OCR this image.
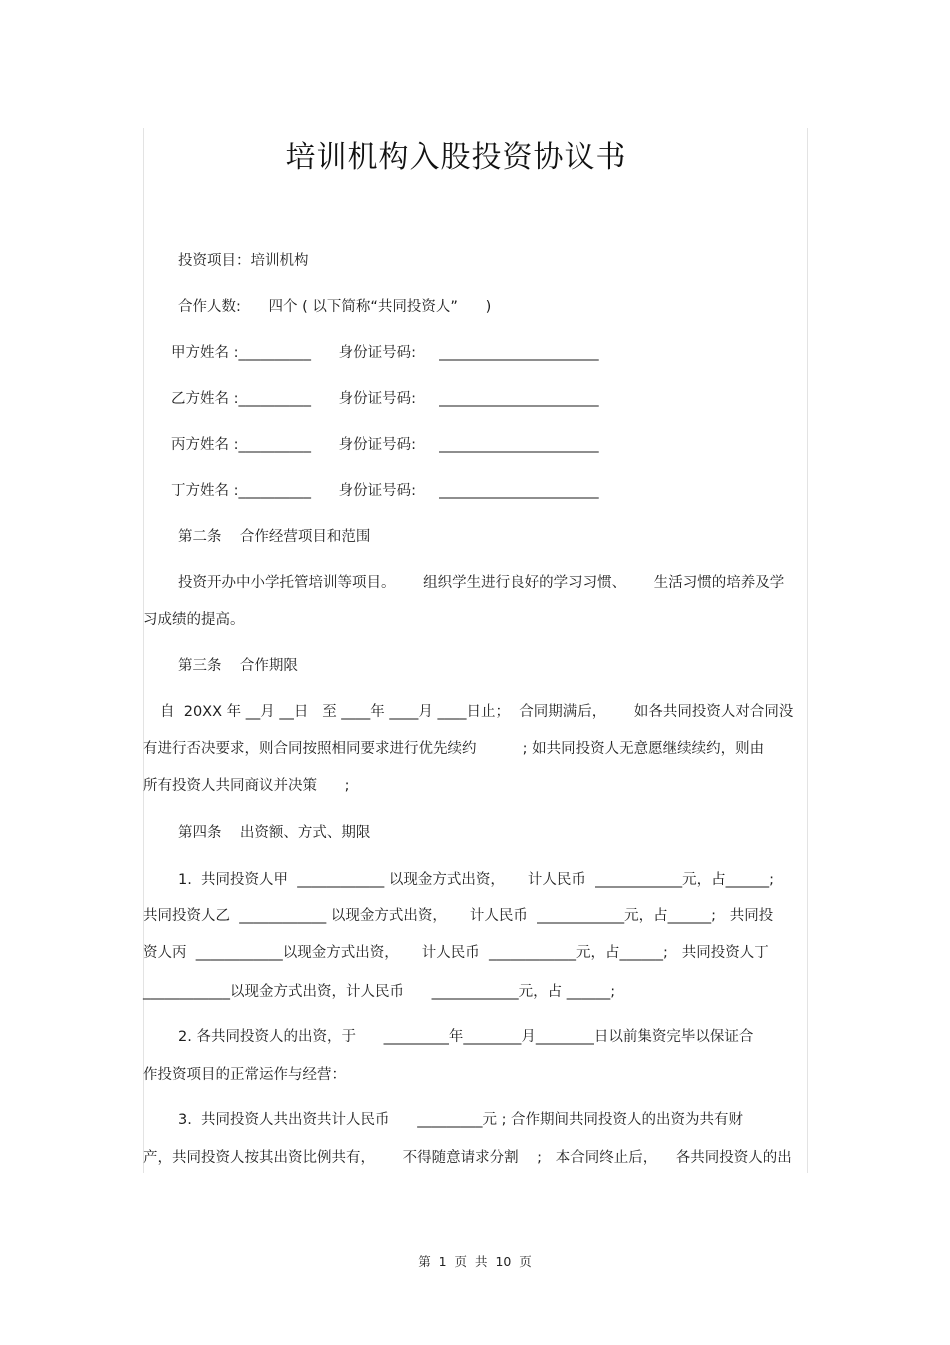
培训机构入股投资协议书
投资项目：培训机构
合作人数:      四个 ( 以下简称“共同投资人”      )
甲方姓名 :__________      身份证号码:     ______________________
乙方姓名 :__________      身份证号码:     ______________________
丙方姓名 :__________      身份证号码:     ______________________
丁方姓名 :__________      身份证号码:     ______________________
第二条    合作经营项目和范围
投资开办中小学托管培训等项目。      组织学生进行良好的学习习惯、      生活习惯的培养及学
习成绩的提高。
第三条    合作期限
自  20XX 年 __月 __日   至 ____年 ____月 ____日止；  合同期满后，      如各共同投资人对合同没
有进行否决要求，则合同按照相同要求进行优先续约          ; 如共同投资人无意愿继续续约，则由
所有投资人共同商议并决策      ;
第四条    出资额、方式、期限
1.  共同投资人甲  ____________ 以现金方式出资，     计人民币  ____________元，占______;
共同投资人乙  ____________ 以现金方式出资，     计人民币  ____________元，占______;   共同投
资人丙  ____________以现金方式出资，     计人民币  ____________元，占______;   共同投资人丁
____________以现金方式出资，计人民币      ____________元，占 ______;
2. 各共同投资人的出资，于      _________年________月________日以前集资完毕以保证合
作投资项目的正常运作与经营：
3.  共同投资人共出资共计人民币      _________元 ; 合作期间共同投资人的出资为共有财
产，共同投资人按其出资比例共有，      不得随意请求分割    ;   本合同终止后，    各共同投资人的出
第  1  页  共  10  页
